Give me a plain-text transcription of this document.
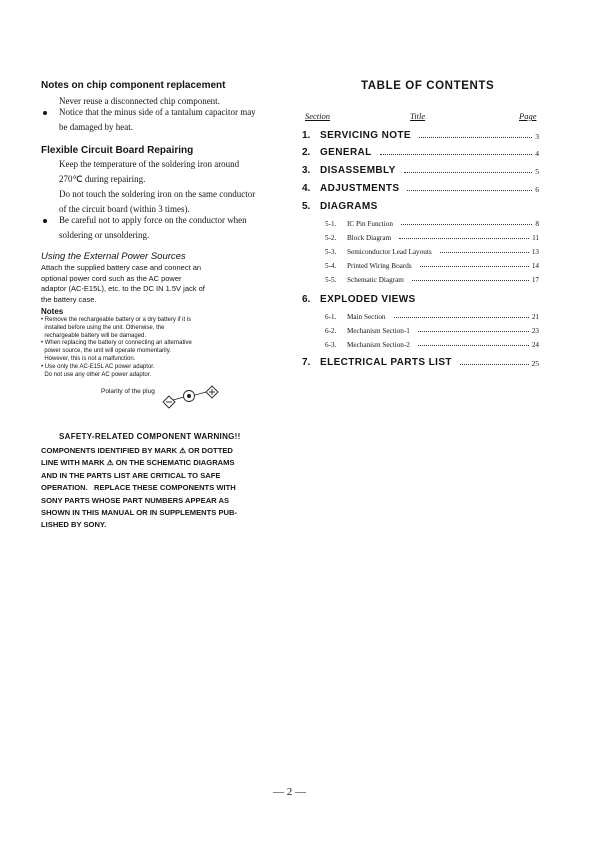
Notes on chip component replacement
Never reuse a disconnected chip component.
Notice that the minus side of a tantalum capacitor may
be damaged by heat.
Flexible Circuit Board Repairing
Keep the temperature of the soldering iron around
270℃ during repairing.
Do not touch the soldering iron on the same conductor
of the circuit board (within 3 times).
Be careful not to apply force on the conductor when
soldering or unsoldering.
Using the External Power Sources
Attach the supplied battery case and connect an
optional power cord such as the AC power
adaptor (AC-E15L), etc. to the DC IN 1.5V jack of
the battery case.
Notes
• Remove the rechargeable battery or a dry battery if it is
installed before using the unit. Otherwise, the
rechargeable battery will be damaged.
• When replacing the battery or connecting an alternative
power source, the unit will operate momentarily.
However, this is not a malfunction.
• Use only the AC-E15L AC power adaptor.
Do not use any other AC power adaptor.
Polarity of the plug
SAFETY-RELATED COMPONENT WARNING!!
COMPONENTS IDENTIFIED BY MARK ⚠ OR DOTTED
LINE WITH MARK ⚠ ON THE SCHEMATIC DIAGRAMS
AND IN THE PARTS LIST ARE CRITICAL TO SAFE
OPERATION.   REPLACE THESE COMPONENTS WITH
SONY PARTS WHOSE PART NUMBERS APPEAR AS
SHOWN IN THIS MANUAL OR IN SUPPLEMENTS PUB-
LISHED BY SONY.
TABLE OF CONTENTS
Section	Title	Page
1. SERVICING NOTE	3
2. GENERAL	4
3. DISASSEMBLY	5
4. ADJUSTMENTS	6
5. DIAGRAMS
5-1.	IC Pin Function	8
5-2.	Block Diagram	11
5-3.	Semiconductor Lead Layouts	13
5-4.	Printed Wiring Boards	14
5-5.	Schematic Diagram	17
6. EXPLODED VIEWS
6-1.	Main Section	21
6-2.	Mechanism Section-1	23
6-3.	Mechanism Section-2	24
7. ELECTRICAL PARTS LIST	25
— 2 —
